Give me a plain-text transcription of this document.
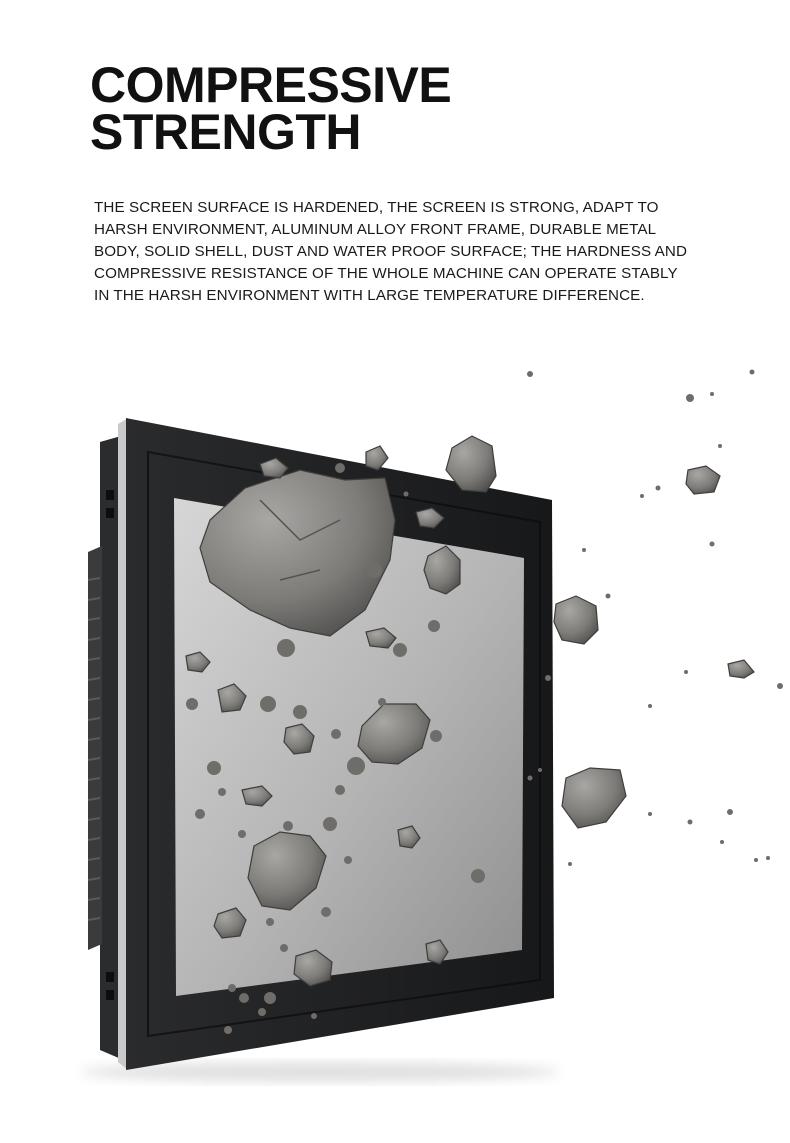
COMPRESSIVE
STRENGTH

THE SCREEN SURFACE IS HARDENED, THE SCREEN IS STRONG, ADAPT TO HARSH ENVIRONMENT, ALUMINUM ALLOY FRONT FRAME, DURABLE METAL BODY, SOLID SHELL, DUST AND WATER PROOF SURFACE; THE HARDNESS AND COMPRESSIVE RESISTANCE OF THE WHOLE MACHINE CAN OPERATE STABLY IN THE HARSH ENVIRONMENT WITH LARGE TEMPERATURE DIFFERENCE.
